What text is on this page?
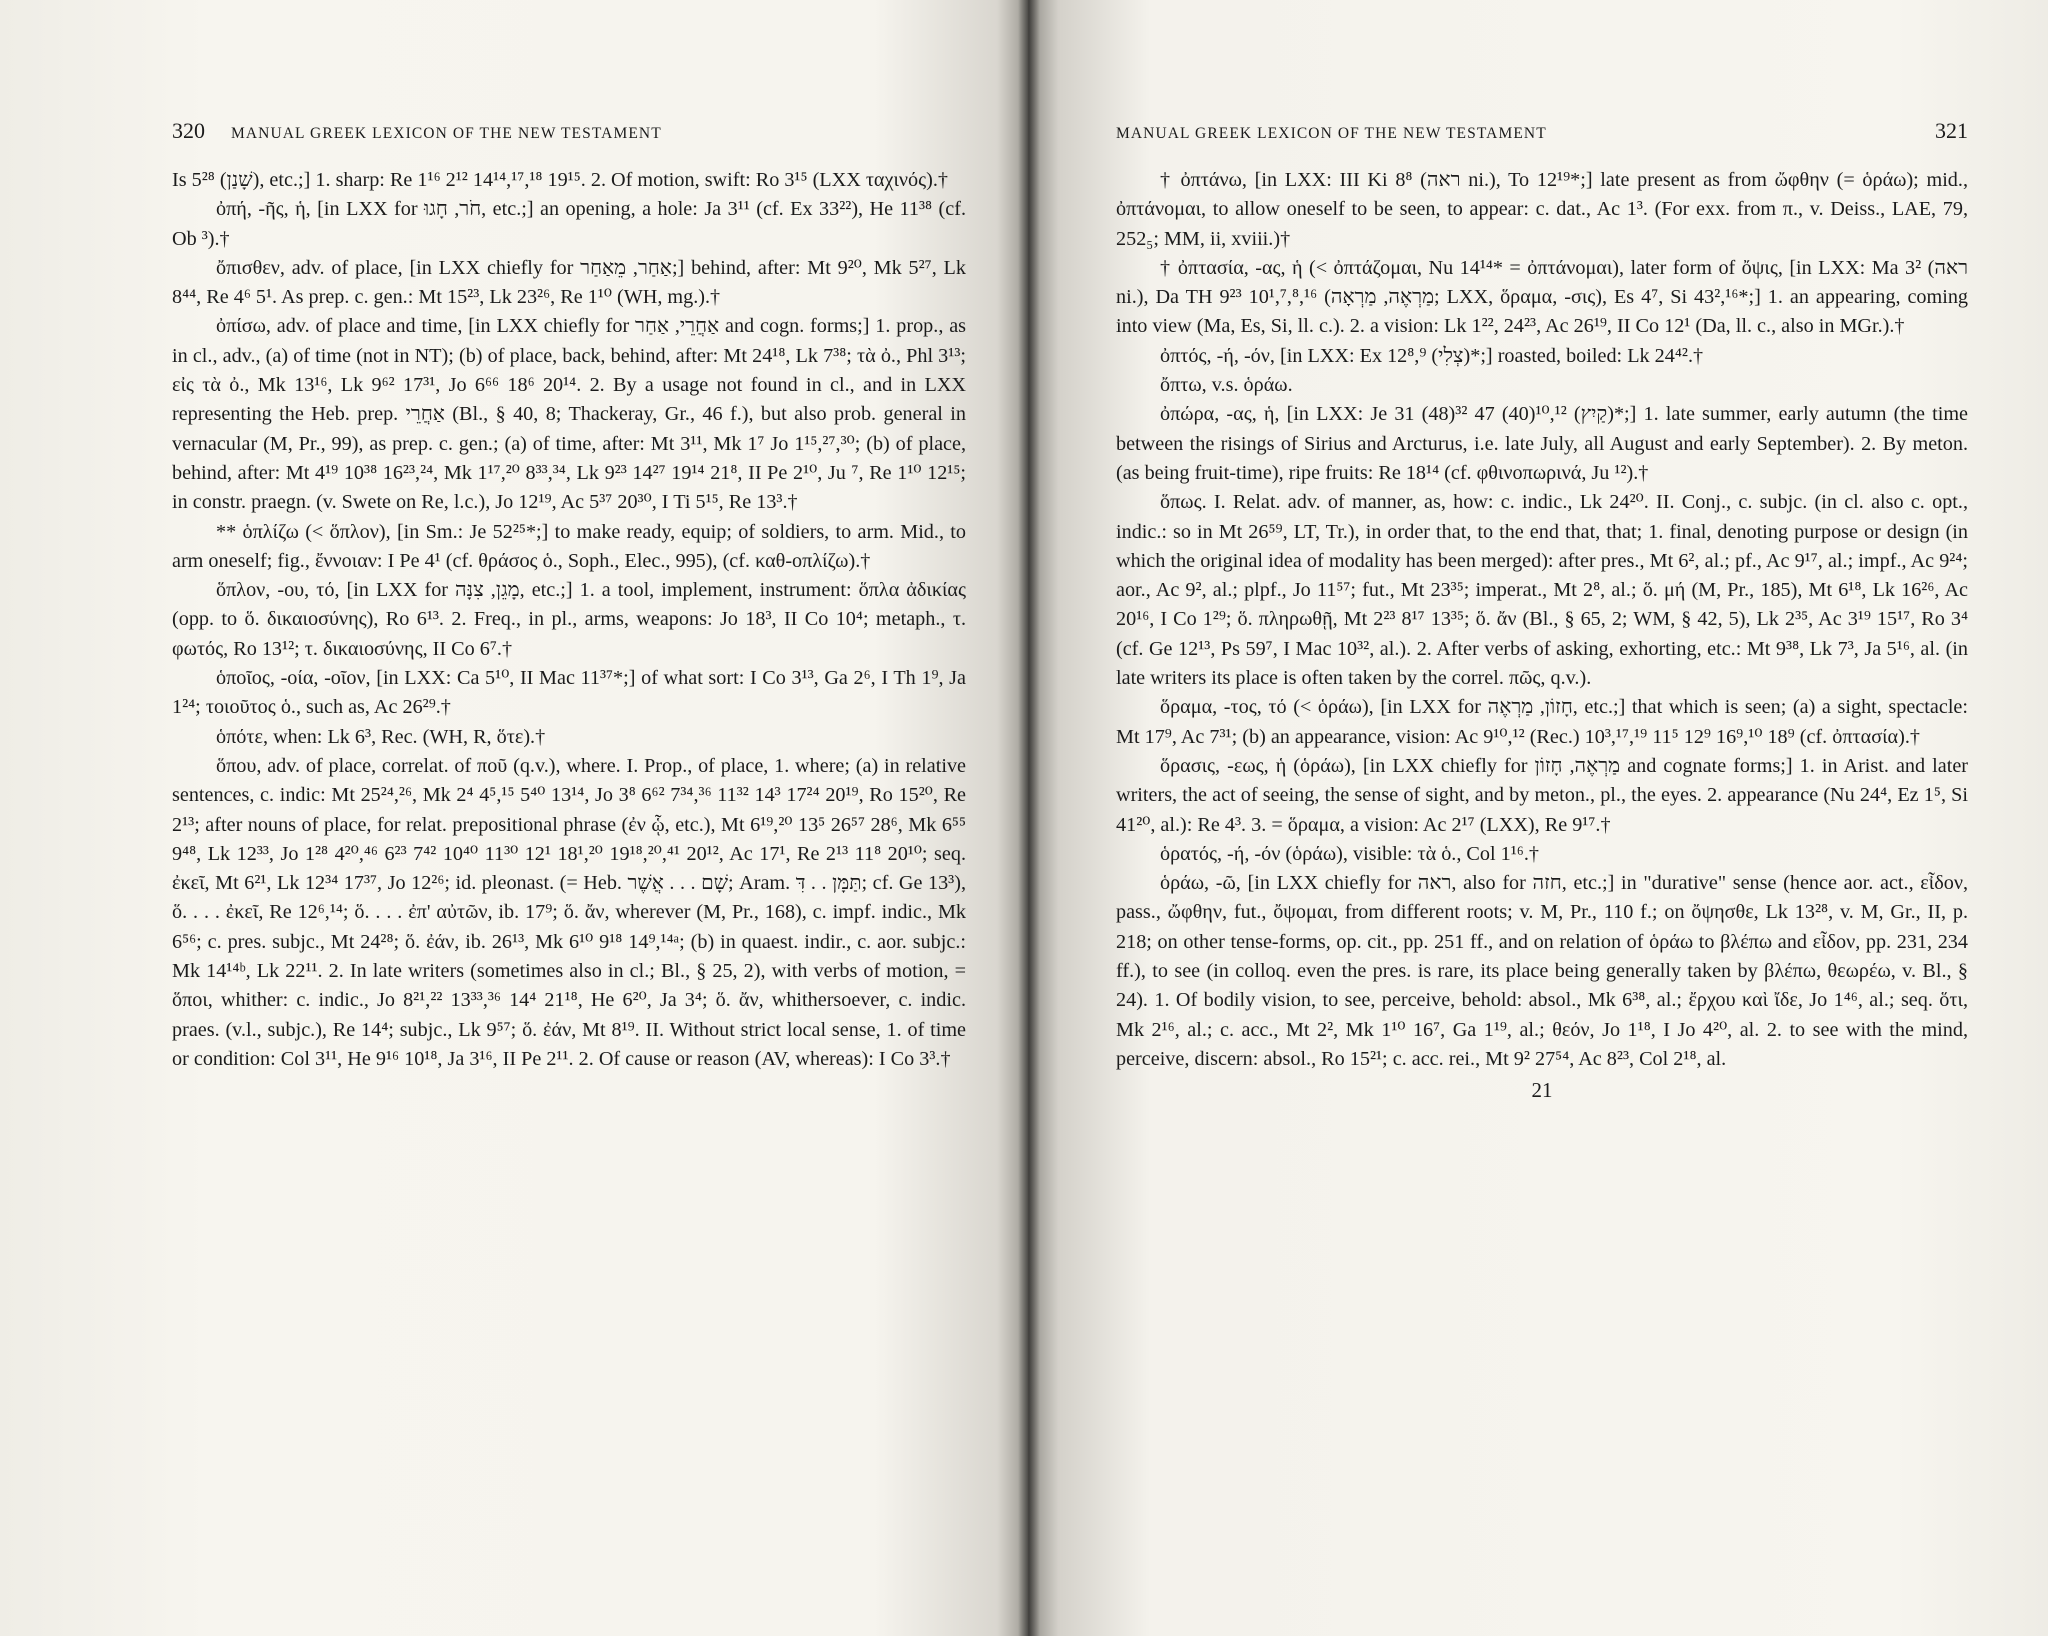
320 MANUAL GREEK LEXICON OF THE NEW TESTAMENT

Is 5²⁸ (שָׁנַן), etc.;] 1. sharp: Re 1¹⁶ 2¹² 14¹⁴,¹⁷,¹⁸ 19¹⁵. 2. Of motion, swift: Ro 3¹⁵ (LXX ταχινός).†

ὀπή, -ῆς, ἡ, [in LXX for חֹר, חָגוּ, etc.;] an opening, a hole: Ja 3¹¹ (cf. Ex 33²²), He 11³⁸ (cf. Ob ³).†

ὄπισθεν, adv. of place, [in LXX chiefly for אַחַר, מֵאַחַר;] behind, after: Mt 9²⁰, Mk 5²⁷, Lk 8⁴⁴, Re 4⁶ 5¹. As prep. c. gen.: Mt 15²³, Lk 23²⁶, Re 1¹⁰ (WH, mg.).†

ὀπίσω, adv. of place and time, [in LXX chiefly for אַחֲרֵי, אַחַר and cogn. forms;] 1. prop., as in cl., adv., (a) of time (not in NT); (b) of place, back, behind, after: Mt 24¹⁸, Lk 7³⁸; τὰ ὀ., Phl 3¹³; εἰς τὰ ὀ., Mk 13¹⁶, Lk 9⁶² 17³¹, Jo 6⁶⁶ 18⁶ 20¹⁴. 2. By a usage not found in cl., and in LXX representing the Heb. prep. אַחֲרֵי (Bl., § 40, 8; Thackeray, Gr., 46 f.), but also prob. general in vernacular (M, Pr., 99), as prep. c. gen.; (a) of time, after: Mt 3¹¹, Mk 1⁷ Jo 1¹⁵,²⁷,³⁰; (b) of place, behind, after: Mt 4¹⁹ 10³⁸ 16²³,²⁴, Mk 1¹⁷,²⁰ 8³³,³⁴, Lk 9²³ 14²⁷ 19¹⁴ 21⁸, II Pe 2¹⁰, Ju ⁷, Re 1¹⁰ 12¹⁵; in constr. praegn. (v. Swete on Re, l.c.), Jo 12¹⁹, Ac 5³⁷ 20³⁰, I Ti 5¹⁵, Re 13³.†

** ὁπλίζω (< ὅπλον), [in Sm.: Je 52²⁵*;] to make ready, equip; of soldiers, to arm. Mid., to arm oneself; fig., ἔννοιαν: I Pe 4¹ (cf. θράσος ὁ., Soph., Elec., 995), (cf. καθ-οπλίζω).†

ὅπλον, -ου, τό, [in LXX for מָגֵן, צִנָּה, etc.;] 1. a tool, implement, instrument: ὅπλα ἀδικίας (opp. to ὅ. δικαιοσύνης), Ro 6¹³. 2. Freq., in pl., arms, weapons: Jo 18³, II Co 10⁴; metaph., τ. φωτός, Ro 13¹²; τ. δικαιοσύνης, II Co 6⁷.†

ὁποῖος, -οία, -οῖον, [in LXX: Ca 5¹⁰, II Mac 11³⁷*;] of what sort: I Co 3¹³, Ga 2⁶, I Th 1⁹, Ja 1²⁴; τοιοῦτος ὁ., such as, Ac 26²⁹.†

ὁπότε, when: Lk 6³, Rec. (WH, R, ὅτε).†

ὅπου, adv. of place, correlat. of ποῦ (q.v.), where. I. Prop., of place, 1. where; (a) in relative sentences, c. indic: Mt 25²⁴,²⁶, Mk 2⁴ 4⁵,¹⁵ 5⁴⁰ 13¹⁴, Jo 3⁸ 6⁶² 7³⁴,³⁶ 11³² 14³ 17²⁴ 20¹⁹, Ro 15²⁰, Re 2¹³; after nouns of place, for relat. prepositional phrase (ἐν ᾧ, etc.), Mt 6¹⁹,²⁰ 13⁵ 26⁵⁷ 28⁶, Mk 6⁵⁵ 9⁴⁸, Lk 12³³, Jo 1²⁸ 4²⁰,⁴⁶ 6²³ 7⁴² 10⁴⁰ 11³⁰ 12¹ 18¹,²⁰ 19¹⁸,²⁰,⁴¹ 20¹², Ac 17¹, Re 2¹³ 11⁸ 20¹⁰; seq. ἐκεῖ, Mt 6²¹, Lk 12³⁴ 17³⁷, Jo 12²⁶; id. pleonast. (= Heb. שָׁם . . . אֲשֶׁר; Aram. תַּמָּן . . דִּ; cf. Ge 13³), ὅ. . . . ἐκεῖ, Re 12⁶,¹⁴; ὅ. . . . ἐπ' αὐτῶν, ib. 17⁹; ὅ. ἄν, wherever (M, Pr., 168), c. impf. indic., Mk 6⁵⁶; c. pres. subjc., Mt 24²⁸; ὅ. ἐάν, ib. 26¹³, Mk 6¹⁰ 9¹⁸ 14⁹,¹⁴ᵃ; (b) in quaest. indir., c. aor. subjc.: Mk 14¹⁴ᵇ, Lk 22¹¹. 2. In late writers (sometimes also in cl.; Bl., § 25, 2), with verbs of motion, = ὅποι, whither: c. indic., Jo 8²¹,²² 13³³,³⁶ 14⁴ 21¹⁸, He 6²⁰, Ja 3⁴; ὅ. ἄν, whithersoever, c. indic. praes. (v.l., subjc.), Re 14⁴; subjc., Lk 9⁵⁷; ὅ. ἐάν, Mt 8¹⁹. II. Without strict local sense, 1. of time or condition: Col 3¹¹, He 9¹⁶ 10¹⁸, Ja 3¹⁶, II Pe 2¹¹. 2. Of cause or reason (AV, whereas): I Co 3³.†

MANUAL GREEK LEXICON OF THE NEW TESTAMENT	321

† ὀπτάνω, [in LXX: III Ki 8⁸ (ראה ni.), To 12¹⁹*;] late present as from ὤφθην (= ὁράω); mid., ὀπτάνομαι, to allow oneself to be seen, to appear: c. dat., Ac 1³. (For exx. from π., v. Deiss., LAE, 79, 252₅; MM, ii, xviii.)†

† ὀπτασία, -ας, ἡ (< ὀπτάζομαι, Nu 14¹⁴* = ὀπτάνομαι), later form of ὄψις, [in LXX: Ma 3² (ראה ni.), Da TH 9²³ 10¹,⁷,⁸,¹⁶ (מַרְאֶה, מַרְאָה; LXX, ὅραμα, -σις), Es 4⁷, Si 43²,¹⁶*;] 1. an appearing, coming into view (Ma, Es, Si, ll. c.). 2. a vision: Lk 1²², 24²³, Ac 26¹⁹, II Co 12¹ (Da, ll. c., also in MGr.).†

ὀπτός, -ή, -όν, [in LXX: Ex 12⁸,⁹ (צְלִי)*;] roasted, boiled: Lk 24⁴².†

ὄπτω, v.s. ὁράω.

ὀπώρα, -ας, ἡ, [in LXX: Je 31 (48)³² 47 (40)¹⁰,¹² (קַיִץ)*;] 1. late summer, early autumn (the time between the risings of Sirius and Arcturus, i.e. late July, all August and early September). 2. By meton. (as being fruit-time), ripe fruits: Re 18¹⁴ (cf. φθινοπωρινά, Ju ¹²).†

ὅπως. I. Relat. adv. of manner, as, how: c. indic., Lk 24²⁰. II. Conj., c. subjc. (in cl. also c. opt., indic.: so in Mt 26⁵⁹, LT, Tr.), in order that, to the end that, that; 1. final, denoting purpose or design (in which the original idea of modality has been merged): after pres., Mt 6², al.; pf., Ac 9¹⁷, al.; impf., Ac 9²⁴; aor., Ac 9², al.; plpf., Jo 11⁵⁷; fut., Mt 23³⁵; imperat., Mt 2⁸, al.; ὅ. μή (M, Pr., 185), Mt 6¹⁸, Lk 16²⁶, Ac 20¹⁶, I Co 1²⁹; ὅ. πληρωθῇ, Mt 2²³ 8¹⁷ 13³⁵; ὅ. ἄν (Bl., § 65, 2; WM, § 42, 5), Lk 2³⁵, Ac 3¹⁹ 15¹⁷, Ro 3⁴ (cf. Ge 12¹³, Ps 59⁷, I Mac 10³², al.). 2. After verbs of asking, exhorting, etc.: Mt 9³⁸, Lk 7³, Ja 5¹⁶, al. (in late writers its place is often taken by the correl. πῶς, q.v.).

ὅραμα, -τος, τό (< ὁράω), [in LXX for חָזוֹן, מַרְאֶה, etc.;] that which is seen; (a) a sight, spectacle: Mt 17⁹, Ac 7³¹; (b) an appearance, vision: Ac 9¹⁰,¹² (Rec.) 10³,¹⁷,¹⁹ 11⁵ 12⁹ 16⁹,¹⁰ 18⁹ (cf. ὀπτασία).†

ὅρασις, -εως, ἡ (ὁράω), [in LXX chiefly for מַרְאֶה, חָזוֹן and cognate forms;] 1. in Arist. and later writers, the act of seeing, the sense of sight, and by meton., pl., the eyes. 2. appearance (Nu 24⁴, Ez 1⁵, Si 41²⁰, al.): Re 4³. 3. = ὅραμα, a vision: Ac 2¹⁷ (LXX), Re 9¹⁷.†

ὁρατός, -ή, -όν (ὁράω), visible: τὰ ὁ., Col 1¹⁶.†

ὁράω, -ῶ, [in LXX chiefly for ראה, also for חזה, etc.;] in "durative" sense (hence aor. act., εἶδον, pass., ὤφθην, fut., ὄψομαι, from different roots; v. M, Pr., 110 f.; on ὄψησθε, Lk 13²⁸, v. M, Gr., II, p. 218; on other tense-forms, op. cit., pp. 251 ff., and on relation of ὁράω to βλέπω and εἶδον, pp. 231, 234 ff.), to see (in colloq. even the pres. is rare, its place being generally taken by βλέπω, θεωρέω, v. Bl., § 24). 1. Of bodily vision, to see, perceive, behold: absol., Mk 6³⁸, al.; ἔρχου καὶ ἴδε, Jo 1⁴⁶, al.; seq. ὅτι, Mk 2¹⁶, al.; c. acc., Mt 2², Mk 1¹⁰ 16⁷, Ga 1¹⁹, al.; θεόν, Jo 1¹⁸, I Jo 4²⁰, al. 2. to see with the mind, perceive, discern: absol., Ro 15²¹; c. acc. rei., Mt 9² 27⁵⁴, Ac 8²³, Col 2¹⁸, al.

21
